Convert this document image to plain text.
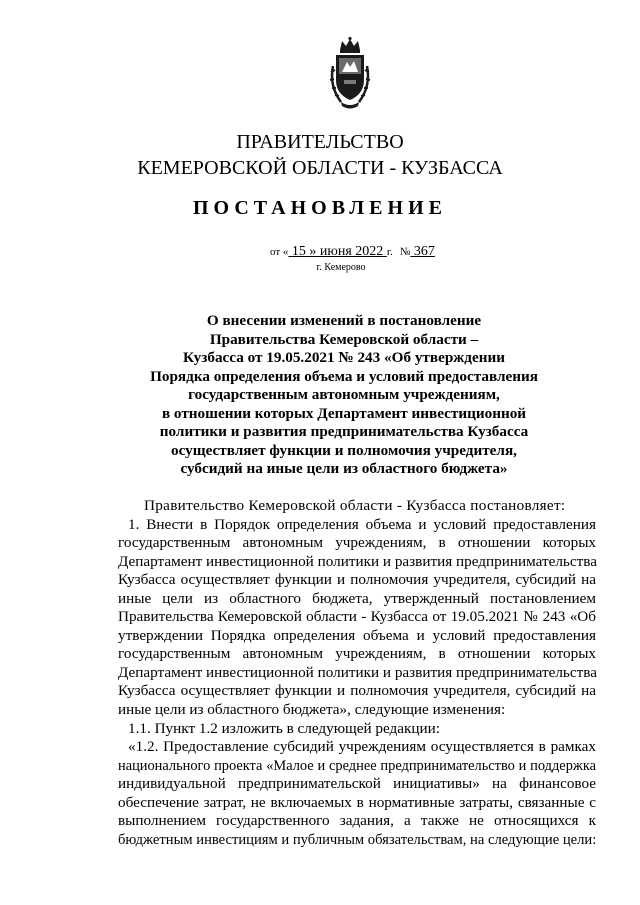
ПРАВИТЕЛЬСТВО
КЕМЕРОВСКОЙ ОБЛАСТИ - КУЗБАССА
ПОСТАНОВЛЕНИЕ
от « 15 » июня 2022 г. № 367
г. Кемерово
О внесении изменений в постановление
Правительства Кемеровской области –
Кузбасса от 19.05.2021 № 243 «Об утверждении
Порядка определения объема и условий предоставления
государственным автономным учреждениям,
в отношении которых Департамент инвестиционной
политики и развития предпринимательства Кузбасса
осуществляет функции и полномочия учредителя,
субсидий на иные цели из областного бюджета»
Правительство Кемеровской области - Кузбасса постановляет:
1. Внести в Порядок определения объема и условий предоставления
государственным автономным учреждениям, в отношении которых
Департамент инвестиционной политики и развития предпринимательства
Кузбасса осуществляет функции и полномочия учредителя, субсидий на
иные цели из областного бюджета, утвержденный постановлением
Правительства Кемеровской области - Кузбасса от 19.05.2021 № 243 «Об
утверждении Порядка определения объема и условий предоставления
государственным автономным учреждениям, в отношении которых
Департамент инвестиционной политики и развития предпринимательства
Кузбасса осуществляет функции и полномочия учредителя, субсидий на
иные цели из областного бюджета», следующие изменения:
1.1. Пункт 1.2 изложить в следующей редакции:
«1.2. Предоставление субсидий учреждениям осуществляется в рамках
национального проекта «Малое и среднее предпринимательство и поддержка
индивидуальной предпринимательской инициативы» на финансовое
обеспечение затрат, не включаемых в нормативные затраты, связанные с
выполнением государственного задания, а также не относящихся к
бюджетным инвестициям и публичным обязательствам, на следующие цели:
